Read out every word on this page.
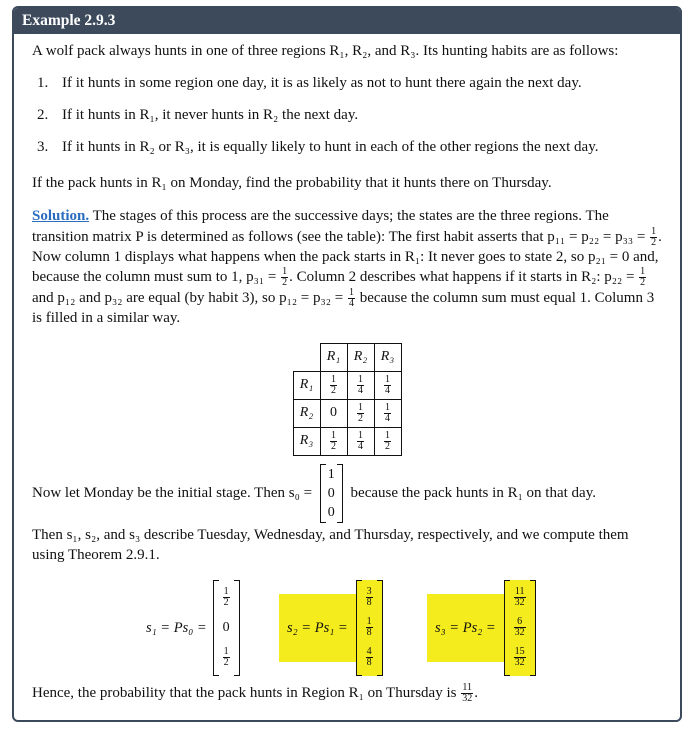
Example 2.9.3

A wolf pack always hunts in one of three regions R₁, R₂, and R₃. Its hunting habits are as follows:

1. If it hunts in some region one day, it is as likely as not to hunt there again the next day.
2. If it hunts in R₁, it never hunts in R₂ the next day.
3. If it hunts in R₂ or R₃, it is equally likely to hunt in each of the other regions the next day.

If the pack hunts in R₁ on Monday, find the probability that it hunts there on Thursday.

Solution. The stages of this process are the successive days; the states are the three regions. The transition matrix P is determined as follows (see the table): The first habit asserts that $p_{11} = p_{22} = p_{33} = \frac{1}{2}$ . Now column 1 displays what happens when the pack starts in R₁: It never goes to state 2, so p₂₁ = 0 and, because the column must sum to 1, $p_{31} = \frac{1}{2}$ . Column 2 describes what happens if it starts in R₂: $p_{22} = \frac{1}{2}$
and p₁₂ and p₃₂ are equal (by habit 3), so $p_{12} = p_{32} = \frac{1}{4}$ because the column sum must equal 1. Column 3 is filled in a similar way.

	R₁	R₂	R₃
R₁	$\frac{1}{2}$	$\frac{1}{4}$	$\frac{1}{4}$

R₂	0	$\frac{1}{2}$	$\frac{1}{4}$

R₃	$\frac{1}{2}$	$\frac{1}{4}$	$\frac{1}{2}$

Now let Monday be the initial stage. Then s₀ =
1
0
0
because the pack hunts in R₁ on that day.

Then s₁, s₂, and s₃ describe Tuesday, Wednesday, and Thursday, respectively, and we compute them using Theorem 2.9.1.

s₁ = Ps₀ =
$\frac{1}{2}$
0
$\frac{1}{2}$
s₂ = Ps₁ =
$\frac{3}{8}$
$\frac{1}{8}$
$\frac{4}{8}$
s₃ = Ps₂ =
$\frac{11}{32}$
$\frac{6}{32}$
$\frac{15}{32}$

Hence, the probability that the pack hunts in Region R₁ on Thursday is $\frac{11}{32}$ .
